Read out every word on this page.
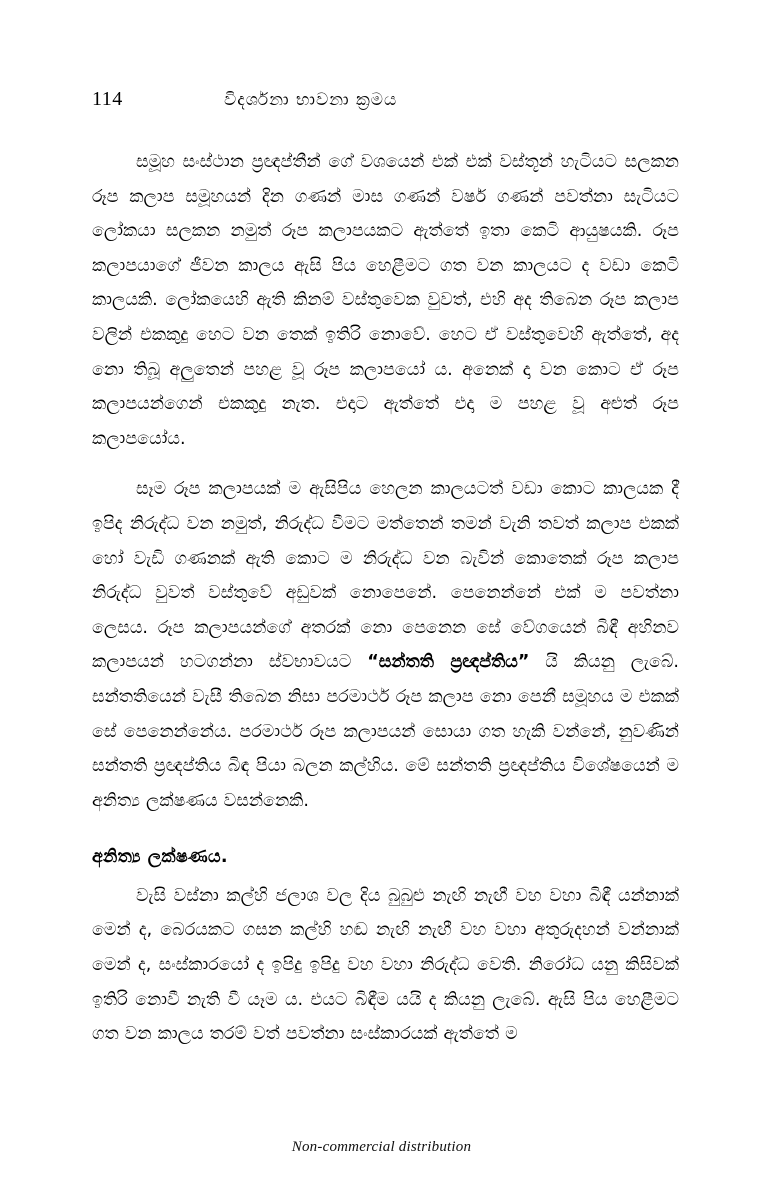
114	විදර්ශනා භාවනා ක්‍රමය

සමූහ සංස්ථාන ප්‍රඥප්තීන් ගේ වශයෙන් එක් එක් වස්තූන් හැටියට සලකන රූප කලාප සමූහයන් දින ගණන් මාස ගණන් වර්ෂ ගණන් පවත්නා සැටියට ලෝකයා සලකන නමුත් රූප කලාපයකට ඇත්තේ ඉතා කෙටි ආයුෂයකි. රූප කලාපයාගේ ජීවන කාලය ඇසි පිය හෙළීමට ගත වන කාලයට ද වඩා කෙටි කාලයකි. ලෝකයෙහි ඇති කිනම් වස්තුවෙක වුවත්, එහි අද තිබෙන රූප කලාප වලින් එකකුදු හෙට වන තෙක් ඉතිරි නොවේ. හෙට ඒ වස්තුවෙහි ඇත්තේ, අද නො තිබූ අලුතෙන් පහළ වූ රූප කලාපයෝ ය. අනෙක් දා වන කොට ඒ රූප කලාපයන්ගෙන් එකකුදු නැත. එදාට ඇත්තේ එදා ම පහළ වූ අළුත් රූප කලාපයෝය.

සෑම රූප කලාපයක් ම ඇසිපිය හෙලන කාලයටත් වඩා කොට කාලයක දී ඉපිද නිරුද්ධ වන නමුත්, නිරුද්ධ වීමට මත්තෙන් තමන් වැනි තවත් කලාප එකක් හෝ වැඩි ගණනක් ඇති කොට ම නිරුද්ධ වන බැවින් කොතෙක් රූප කලාප නිරුද්ධ වුවත් වස්තුවේ අඩුවක් නොපෙනේ. පෙනෙන්නේ එක් ම පවත්නා ලෙසය. රූප කලාපයන්ගේ අතරක් නො පෙනෙන සේ වේගයෙන් බිඳී අහිනව කලාපයන් හටගන්නා ස්වභාවයට “සන්තති ප්‍රඥප්තිය” යි කියනු ලැබේ. සන්තතියෙන් වැසී තිබෙන නිසා පරමාර්ථ රූප කලාප නො පෙනී සමූහය ම එකක් සේ පෙනෙන්නේය. පරමාර්ථ රූප කලාපයන් සොයා ගත හැකි වන්නේ, නුවණින් සන්තති ප්‍රඥප්තිය බිඳ පියා බලන කල්හිය. මේ සන්තති ප්‍රඥප්තිය විශේෂයෙන් ම අනිත්‍ය ලක්ෂණය වසන්නෙකි.

අනිත්‍ය ලක්ෂණය.

වැසි වස්නා කල්හි ජලාශ වල දිය බුබුළු නැඟි නැඟී වහ වහා බිඳී යන්නාක් මෙන් ද, බෙරයකට ගසන කල්හි හඬ නැඟි නැඟී වහ වහා අතුරුදහන් වන්නාක් මෙන් ද, සංස්කාරයෝ ද ඉපිදු ඉපිදු වහ වහා නිරුද්ධ වෙති. නිරෝධ යනු කිසිවක් ඉතිරි නොවී නැති වී යෑම ය. එයට බිඳීම යයි ද කියනු ලැබේ. ඇසි පිය හෙළීමට ගත වන කාලය තරම් වත් පවත්නා සංස්කාරයක් ඇත්තේ ම

Non-commercial distribution
